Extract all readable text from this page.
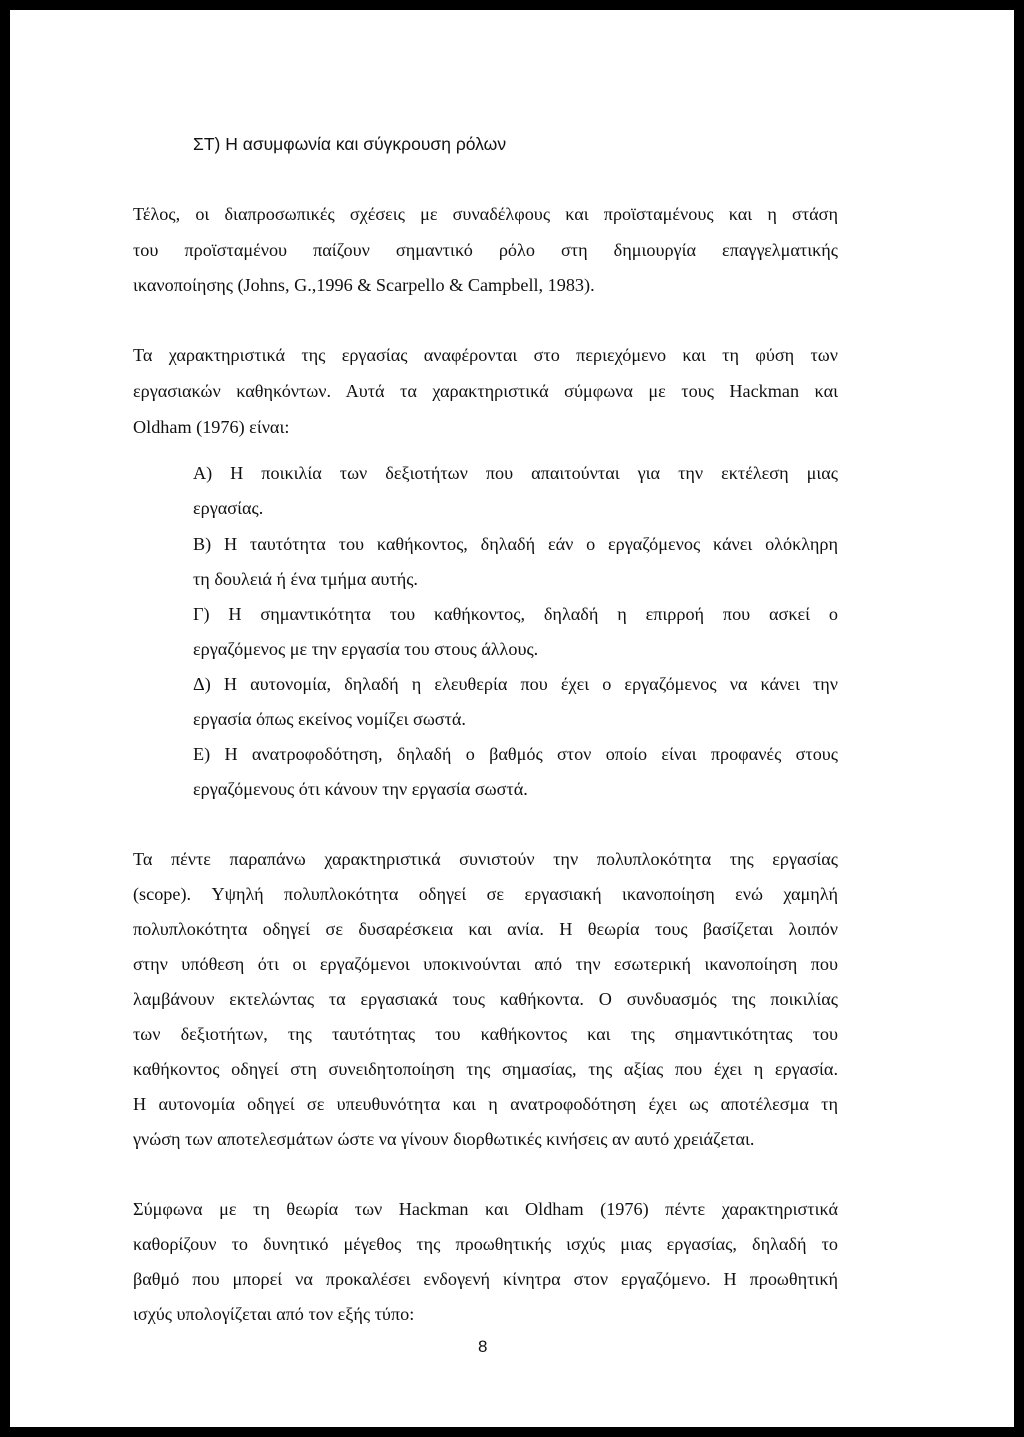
ΣΤ) Η ασυμφωνία και σύγκρουση ρόλων
Τέλος, οι διαπροσωπικές σχέσεις με συναδέλφους και προϊσταμένους και η στάση
του προϊσταμένου παίζουν σημαντικό ρόλο στη δημιουργία επαγγελματικής
ικανοποίησης (Johns, G.,1996 & Scarpello & Campbell, 1983).
Τα χαρακτηριστικά της εργασίας αναφέρονται στο περιεχόμενο και τη φύση των
εργασιακών καθηκόντων. Αυτά τα χαρακτηριστικά σύμφωνα με τους Hackman και
Oldham (1976) είναι:
Α) Η ποικιλία των δεξιοτήτων που απαιτούνται για την εκτέλεση μιας
εργασίας.
Β) Η ταυτότητα του καθήκοντος, δηλαδή εάν ο εργαζόμενος κάνει ολόκληρη
τη δουλειά ή ένα τμήμα αυτής.
Γ) Η σημαντικότητα του καθήκοντος, δηλαδή η επιρροή που ασκεί ο
εργαζόμενος με την εργασία του στους άλλους.
Δ) Η αυτονομία, δηλαδή η ελευθερία που έχει ο εργαζόμενος να κάνει την
εργασία όπως εκείνος νομίζει σωστά.
Ε) Η ανατροφοδότηση, δηλαδή ο βαθμός στον οποίο είναι προφανές στους
εργαζόμενους ότι κάνουν την εργασία σωστά.
Τα πέντε παραπάνω χαρακτηριστικά συνιστούν την πολυπλοκότητα της εργασίας
(scope). Υψηλή πολυπλοκότητα οδηγεί σε εργασιακή ικανοποίηση ενώ χαμηλή
πολυπλοκότητα οδηγεί σε δυσαρέσκεια και ανία. Η θεωρία τους βασίζεται λοιπόν
στην υπόθεση ότι οι εργαζόμενοι υποκινούνται από την εσωτερική ικανοποίηση που
λαμβάνουν εκτελώντας τα εργασιακά τους καθήκοντα. Ο συνδυασμός της ποικιλίας
των δεξιοτήτων, της ταυτότητας του καθήκοντος και της σημαντικότητας του
καθήκοντος οδηγεί στη συνειδητοποίηση της σημασίας, της αξίας που έχει η εργασία.
Η αυτονομία οδηγεί σε υπευθυνότητα και η ανατροφοδότηση έχει ως αποτέλεσμα τη
γνώση των αποτελεσμάτων ώστε να γίνουν διορθωτικές κινήσεις αν αυτό χρειάζεται.
Σύμφωνα με τη θεωρία των Hackman και Oldham (1976) πέντε χαρακτηριστικά
καθορίζουν το δυνητικό μέγεθος της προωθητικής ισχύς μιας εργασίας, δηλαδή το
βαθμό που μπορεί να προκαλέσει ενδογενή κίνητρα στον εργαζόμενο. Η προωθητική
ισχύς υπολογίζεται από τον εξής τύπο:
8
